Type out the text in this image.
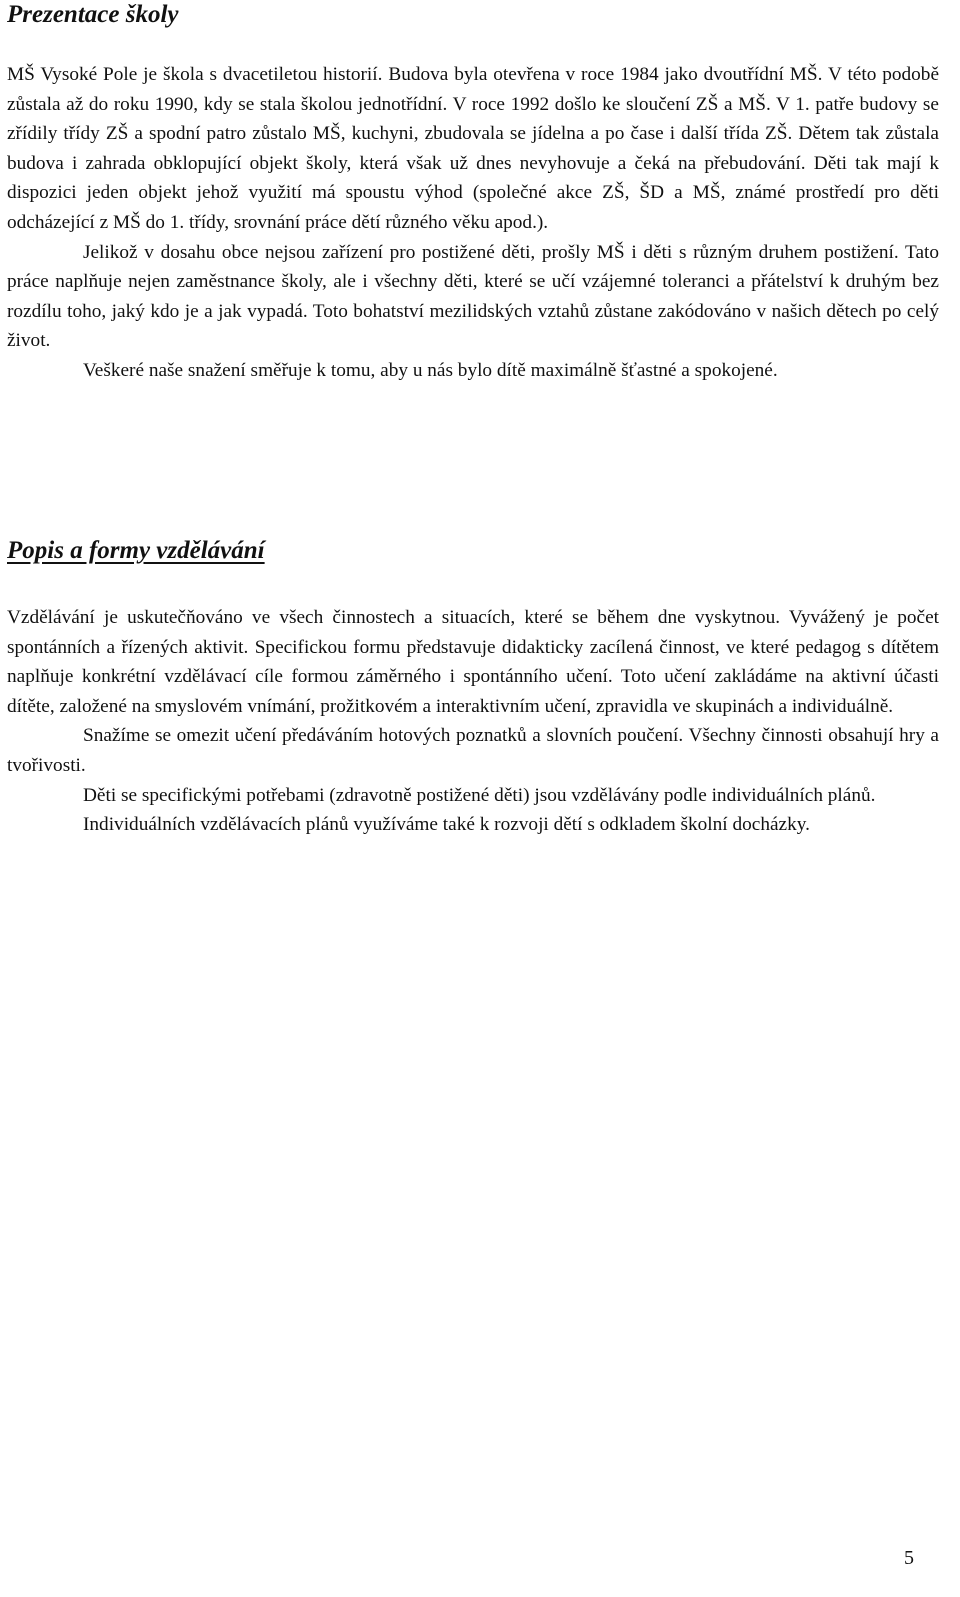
Prezentace školy

MŠ Vysoké Pole je škola s dvacetiletou historií. Budova byla otevřena v roce 1984 jako dvoutřídní MŠ. V této podobě zůstala až do roku 1990, kdy se stala školou jednotřídní. V roce 1992 došlo ke sloučení ZŠ a MŠ. V 1. patře budovy se zřídily třídy ZŠ a spodní patro zůstalo MŠ, kuchyni, zbudovala se jídelna a po čase i další třída ZŠ. Dětem tak zůstala budova i zahrada obklopující objekt školy, která však už dnes nevyhovuje a čeká na přebudování. Děti tak mají k dispozici jeden objekt jehož využití má spoustu výhod (společné akce ZŠ, ŠD a MŠ, známé prostředí pro děti odcházející z MŠ do 1. třídy, srovnání práce dětí různého věku apod.).

Jelikož v dosahu obce nejsou zařízení pro postižené děti, prošly MŠ i děti s různým druhem postižení. Tato práce naplňuje nejen zaměstnance školy, ale i všechny děti, které se učí vzájemné toleranci a přátelství k druhým bez rozdílu toho, jaký kdo je a jak vypadá. Toto bohatství mezilidských vztahů zůstane zakódováno v našich dětech po celý život.

Veškeré naše snažení směřuje k tomu, aby u nás bylo dítě maximálně šťastné a spokojené.

Popis a formy vzdělávání

Vzdělávání je uskutečňováno ve všech činnostech a situacích, které se během dne vyskytnou. Vyvážený je počet spontánních a řízených aktivit. Specifickou formu představuje didakticky zacílená činnost, ve které pedagog s dítětem naplňuje konkrétní vzdělávací cíle formou záměrného i spontánního učení. Toto učení zakládáme na aktivní účasti dítěte, založené na smyslovém vnímání, prožitkovém a interaktivním učení, zpravidla ve skupinách a individuálně.

Snažíme se omezit učení předáváním hotových poznatků a slovních poučení. Všechny činnosti obsahují hry a tvořivosti.

Děti se specifickými potřebami (zdravotně postižené děti) jsou vzdělávány podle individuálních plánů.

Individuálních vzdělávacích plánů využíváme také k rozvoji dětí s odkladem školní docházky.

5
